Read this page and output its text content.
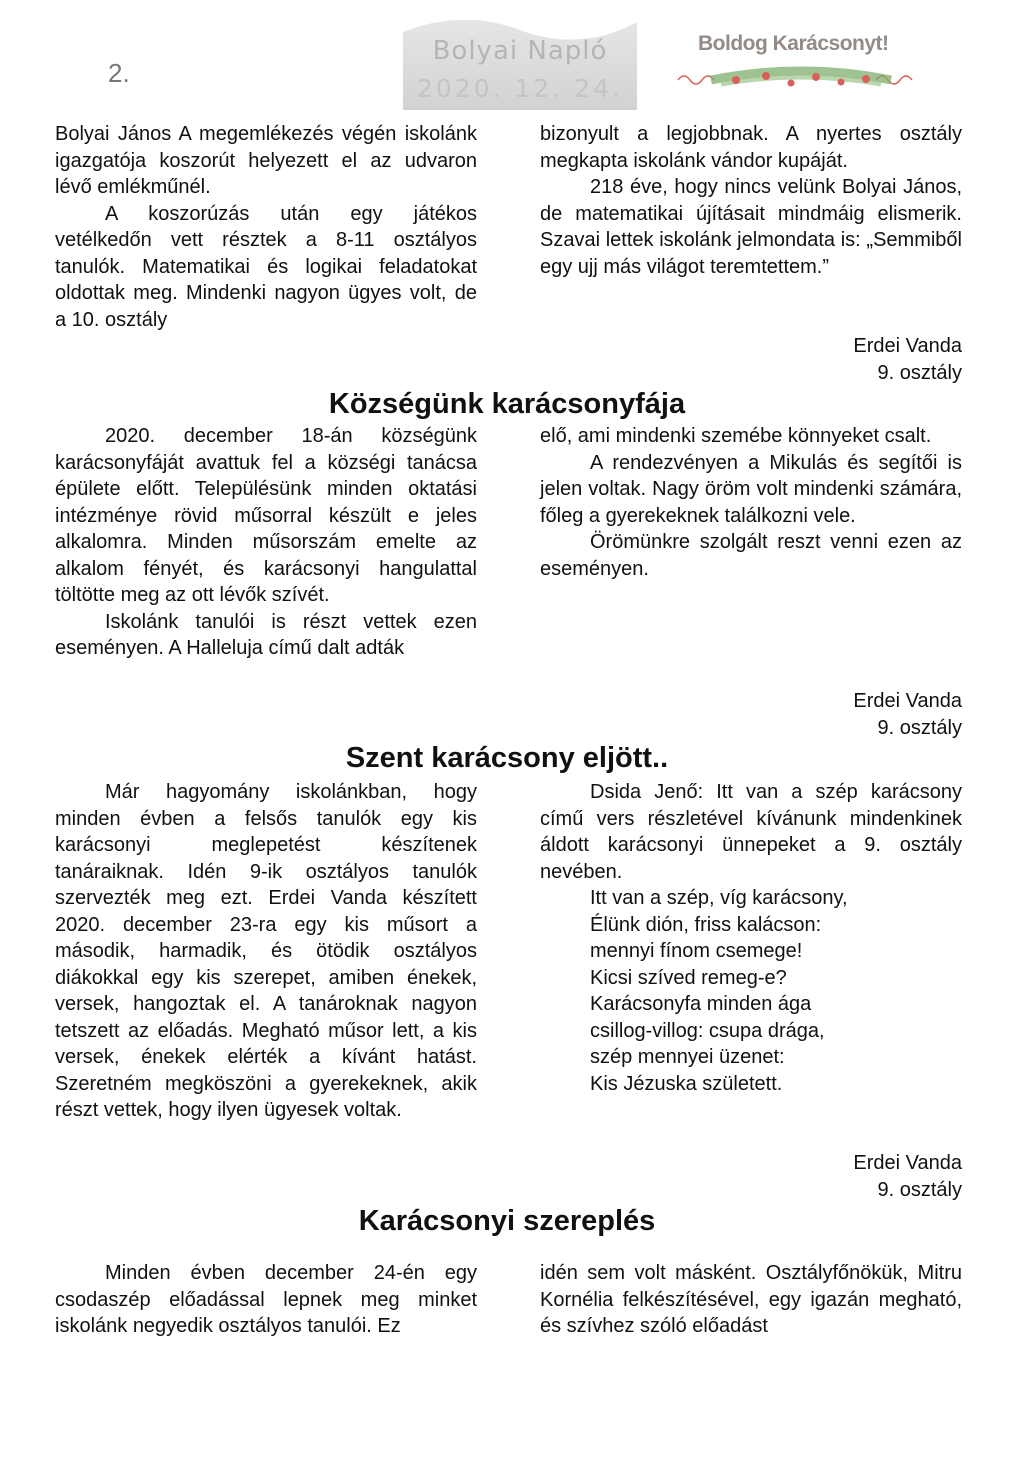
2.
Bolyai Napló
2020. 12. 24.
Boldog Karácsonyt!

Bolyai János A megemlékezés végén iskolánk igazgatója koszorút helyezett el az udvaron lévő emlékműnél.

A koszorúzás után egy játékos vetélkedőn vett résztek a 8-11 osztályos tanulók. Matematikai és logikai feladatokat oldottak meg. Mindenki nagyon ügyes volt, de a 10. osztály

bizonyult a legjobbnak. A nyertes osztály megkapta iskolánk vándor kupáját.

218 éve, hogy nincs velünk Bolyai János, de matematikai újításait mindmáig elismerik. Szavai lettek iskolánk jelmondata is: „Semmiből egy ujj más világot teremtettem.”

Erdei Vanda
9. osztály
Községünk karácsonyfája

2020. december 18-án községünk karácsonyfáját avattuk fel a községi tanácsa épülete előtt. Településünk minden oktatási intézménye rövid műsorral készült e jeles alkalomra. Minden műsorszám emelte az alkalom fényét, és karácsonyi hangulattal töltötte meg az ott lévők szívét.

Iskolánk tanulói is részt vettek ezen eseményen. A Halleluja című dalt adták

elő, ami mindenki szemébe könnyeket csalt.

A rendezvényen a Mikulás és segítői is jelen voltak. Nagy öröm volt mindenki számára, főleg a gyerekeknek találkozni vele.

Örömünkre szolgált reszt venni ezen az eseményen.

Erdei Vanda
9. osztály
Szent karácsony eljött..

Már hagyomány iskolánkban, hogy minden évben a felsős tanulók egy kis karácsonyi meglepetést készítenek tanáraiknak. Idén 9-ik osztályos tanulók szervezték meg ezt. Erdei Vanda készített 2020. december 23-ra egy kis műsort a második, harmadik, és ötödik osztályos diákokkal egy kis szerepet, amiben énekek, versek, hangoztak el. A tanároknak nagyon tetszett az előadás. Megható műsor lett, a kis versek, énekek elérték a kívánt hatást. Szeretném megköszöni a gyerekeknek, akik részt vettek, hogy ilyen ügyesek voltak.

Dsida Jenő: Itt van a szép karácsony című vers részletével kívánunk mindenkinek áldott karácsonyi ünnepeket a 9. osztály nevében.

Itt van a szép, víg karácsony,
Élünk dión, friss kalácson:
mennyi fínom csemege!
Kicsi szíved remeg-e?
Karácsonyfa minden ága
csillog-villog: csupa drága,
szép mennyei üzenet:
Kis Jézuska született.
Erdei Vanda
9. osztály
Karácsonyi szereplés

Minden évben december 24-én egy csodaszép előadással lepnek meg minket iskolánk negyedik osztályos tanulói. Ez

idén sem volt másként. Osztályfőnökük, Mitru Kornélia felkészítésével, egy igazán megható, és szívhez szóló előadást
